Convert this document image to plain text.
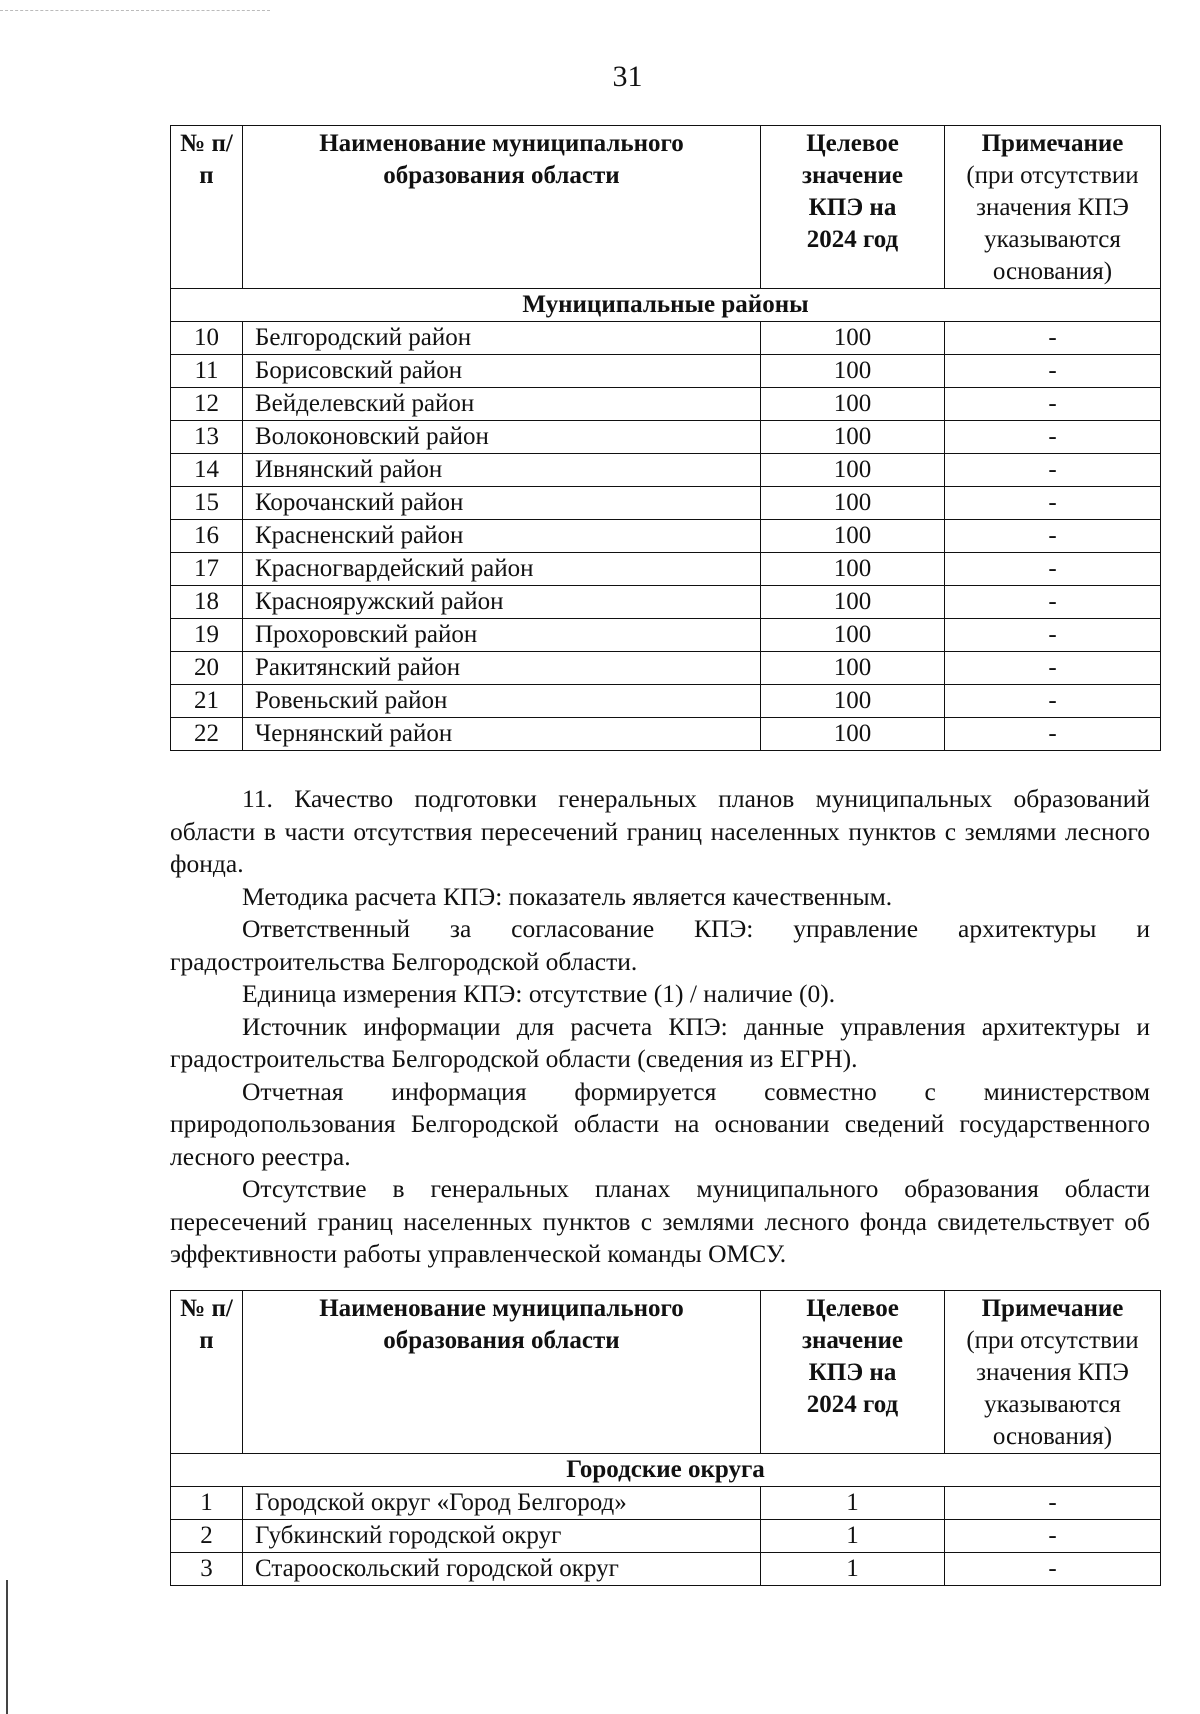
31
№ п/п	Наименование муниципального образования области	Целевое значение КПЭ на 2024 год	Примечание
(при отсутствии значения КПЭ указываются основания)

Муниципальные районы			
10	Белгородский район	100	-
11	Борисовский район	100	-
12	Вейделевский район	100	-
13	Волоконовский район	100	-
14	Ивнянский район	100	-
15	Корочанский район	100	-
16	Красненский район	100	-
17	Красногвардейский район	100	-
18	Краснояружский район	100	-
19	Прохоровский район	100	-
20	Ракитянский район	100	-
21	Ровеньский район	100	-
22	Чернянский район	100	-

11. Качество подготовки генеральных планов муниципальных образований области в части отсутствия пересечений границ населенных пунктов с землями лесного фонда.

Методика расчета КПЭ: показатель является качественным.

Ответственный за согласование КПЭ: управление архитектуры и градостроительства Белгородской области.

Единица измерения КПЭ: отсутствие (1) / наличие (0).

Источник информации для расчета КПЭ: данные управления архитектуры и градостроительства Белгородской области (сведения из ЕГРН).

Отчетная информация формируется совместно с министерством природопользования Белгородской области на основании сведений государственного лесного реестра.

Отсутствие в генеральных планах муниципального образования области пересечений границ населенных пунктов с землями лесного фонда свидетельствует об эффективности работы управленческой команды ОМСУ.

№ п/п	Наименование муниципального образования области	Целевое значение КПЭ на 2024 год	Примечание
(при отсутствии значения КПЭ указываются основания)

Городские округа			
1	Городской округ «Город Белгород»	1	-
2	Губкинский городской округ	1	-
3	Старооскольский городской округ	1	-
